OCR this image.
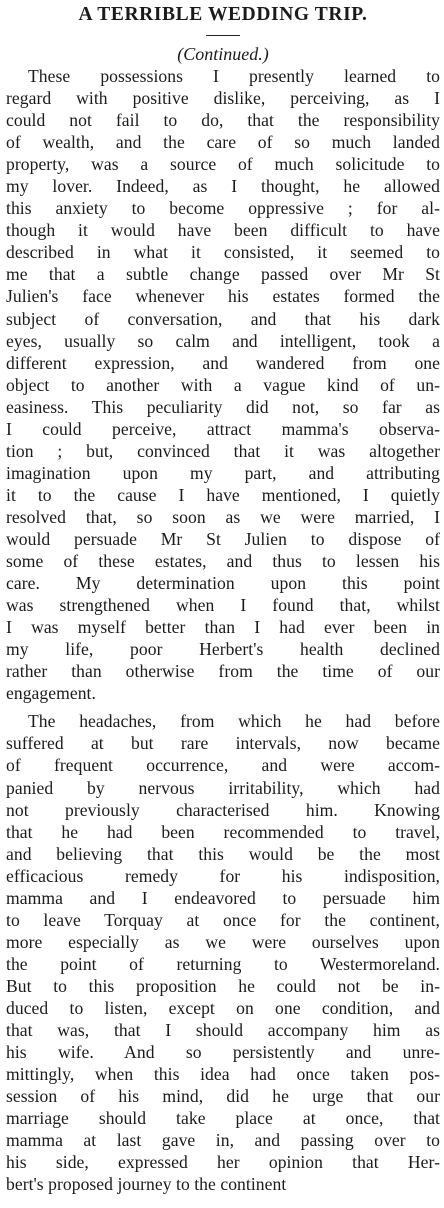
A TERRIBLE WEDDING TRIP.

(Continued.)

These possessions I presently learned to
regard with positive dislike, perceiving, as I
could not fail to do, that the responsibility
of wealth, and the care of so much landed
property, was a source of much solicitude to
my lover. Indeed, as I thought, he allowed
this anxiety to become oppressive ; for al-
though it would have been difficult to have
described in what it consisted, it seemed to
me that a subtle change passed over Mr St
Julien's face whenever his estates formed the
subject of conversation, and that his dark
eyes, usually so calm and intelligent, took a
different expression, and wandered from one
object to another with a vague kind of un-
easiness. This peculiarity did not, so far as
I could perceive, attract mamma's observa-
tion ; but, convinced that it was altogether
imagination upon my part, and attributing
it to the cause I have mentioned, I quietly
resolved that, so soon as we were married, I
would persuade Mr St Julien to dispose of
some of these estates, and thus to lessen his
care. My determination upon this point
was strengthened when I found that, whilst
I was myself better than I had ever been in
my life, poor Herbert's health declined
rather than otherwise from the time of our
engagement.
The headaches, from which he had before
suffered at but rare intervals, now became
of frequent occurrence, and were accom-
panied by nervous irritability, which had
not previously characterised him. Knowing
that he had been recommended to travel,
and believing that this would be the most
efficacious remedy for his indisposition,
mamma and I endeavored to persuade him
to leave Torquay at once for the continent,
more especially as we were ourselves upon
the point of returning to Westermoreland.
But to this proposition he could not be in-
duced to listen, except on one condition, and
that was, that I should accompany him as
his wife. And so persistently and unre-
mittingly, when this idea had once taken pos-
session of his mind, did he urge that our
marriage should take place at once, that
mamma at last gave in, and passing over to
his side, expressed her opinion that Her-
bert's proposed journey to the continent
